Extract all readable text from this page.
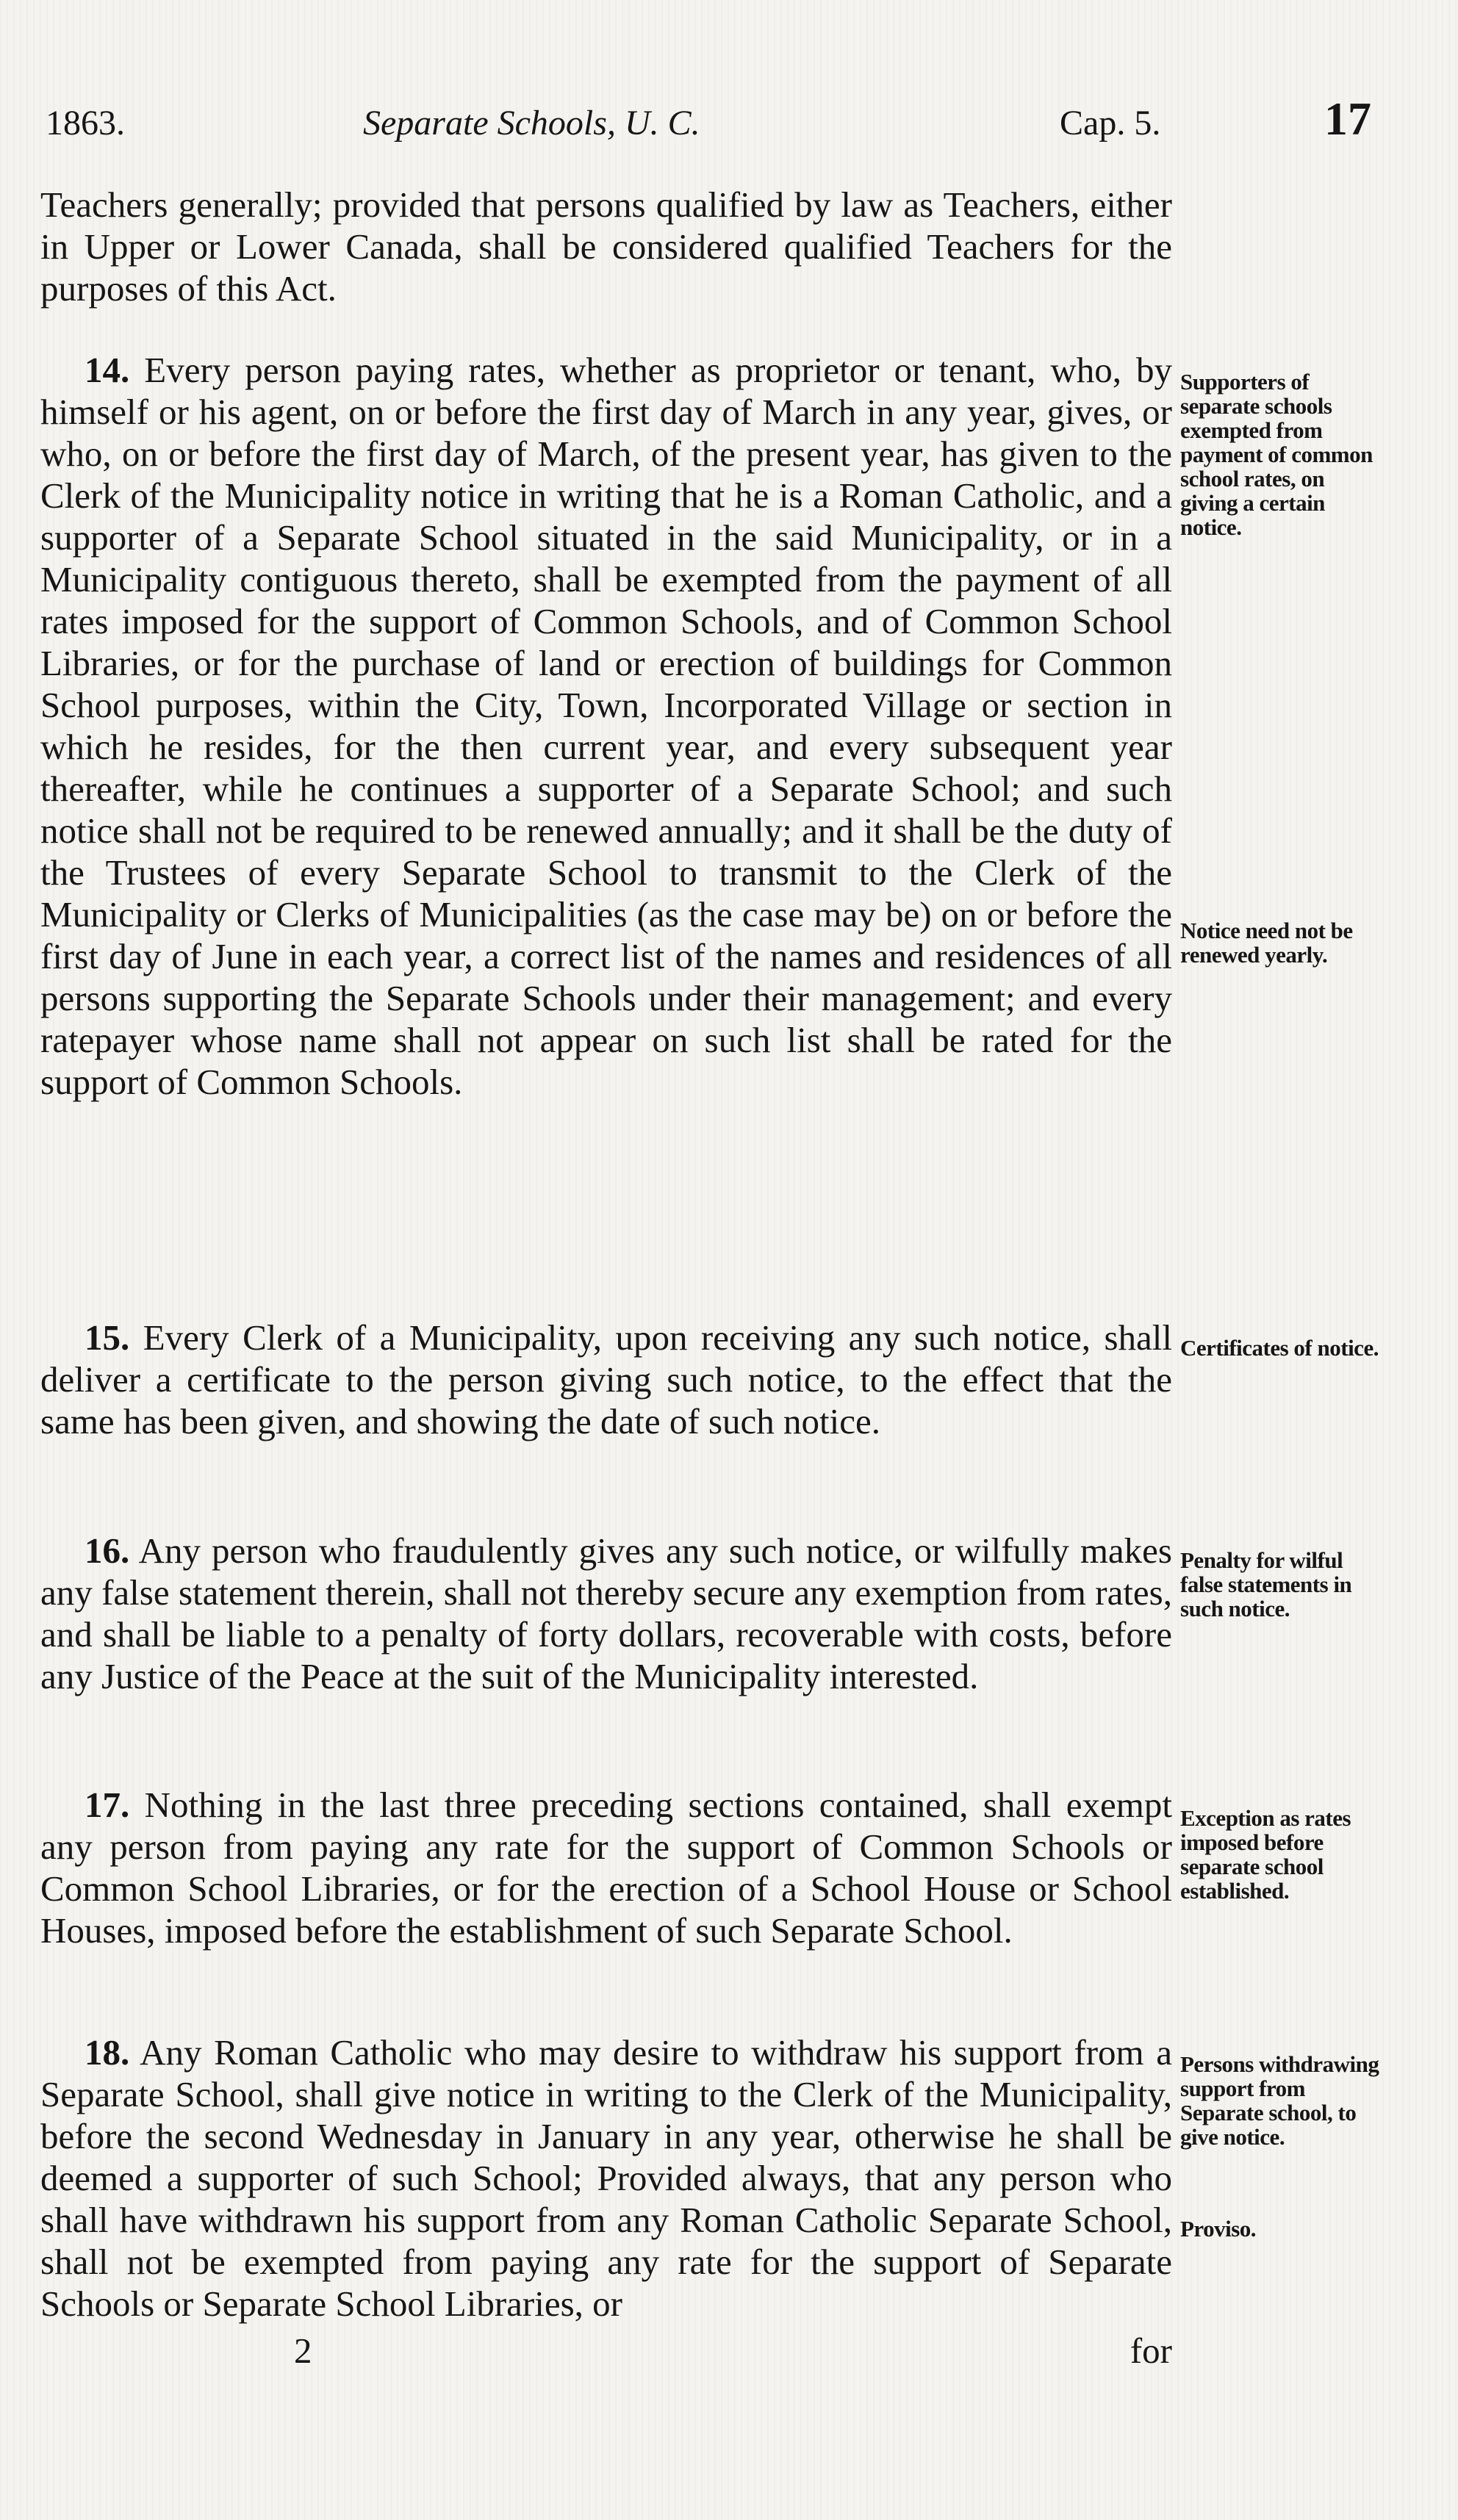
1863.	Separate Schools, U. C.	Cap. 5.	17

Teachers generally; provided that persons qualified by law as Teachers, either in Upper or Lower Canada, shall be considered qualified Teachers for the purposes of this Act.

14. Every person paying rates, whether as proprietor or tenant, who, by himself or his agent, on or before the first day of March in any year, gives, or who, on or before the first day of March, of the present year, has given to the Clerk of the Municipality notice in writing that he is a Roman Catholic, and a supporter of a Separate School situated in the said Municipality, or in a Municipality contiguous thereto, shall be exempted from the payment of all rates imposed for the support of Common Schools, and of Common School Libraries, or for the purchase of land or erection of buildings for Common School purposes, within the City, Town, Incorporated Village or section in which he resides, for the then current year, and every subsequent year thereafter, while he continues a supporter of a Separate School; and such notice shall not be required to be renewed annually; and it shall be the duty of the Trustees of every Separate School to transmit to the Clerk of the Municipality or Clerks of Municipalities (as the case may be) on or before the first day of June in each year, a correct list of the names and residences of all persons supporting the Separate Schools under their management; and every ratepayer whose name shall not appear on such list shall be rated for the support of Common Schools.

Supporters of separate schools exempted from payment of common school rates, on giving a certain notice.
Notice need not be renewed yearly.

15. Every Clerk of a Municipality, upon receiving any such notice, shall deliver a certificate to the person giving such notice, to the effect that the same has been given, and showing the date of such notice.

Certificates of notice.

16. Any person who fraudulently gives any such notice, or wilfully makes any false statement therein, shall not thereby secure any exemption from rates, and shall be liable to a penalty of forty dollars, recoverable with costs, before any Justice of the Peace at the suit of the Municipality interested.

Penalty for wilful false statements in such notice.

17. Nothing in the last three preceding sections contained, shall exempt any person from paying any rate for the support of Common Schools or Common School Libraries, or for the erection of a School House or School Houses, imposed before the establishment of such Separate School.

Exception as rates imposed before separate school established.

18. Any Roman Catholic who may desire to withdraw his support from a Separate School, shall give notice in writing to the Clerk of the Municipality, before the second Wednesday in January in any year, otherwise he shall be deemed a supporter of such School; Provided always, that any person who shall have withdrawn his support from any Roman Catholic Separate School, shall not be exempted from paying any rate for the support of Separate Schools or Separate School Libraries, or

Persons withdrawing support from Separate school, to give notice.
Proviso.
2	for
